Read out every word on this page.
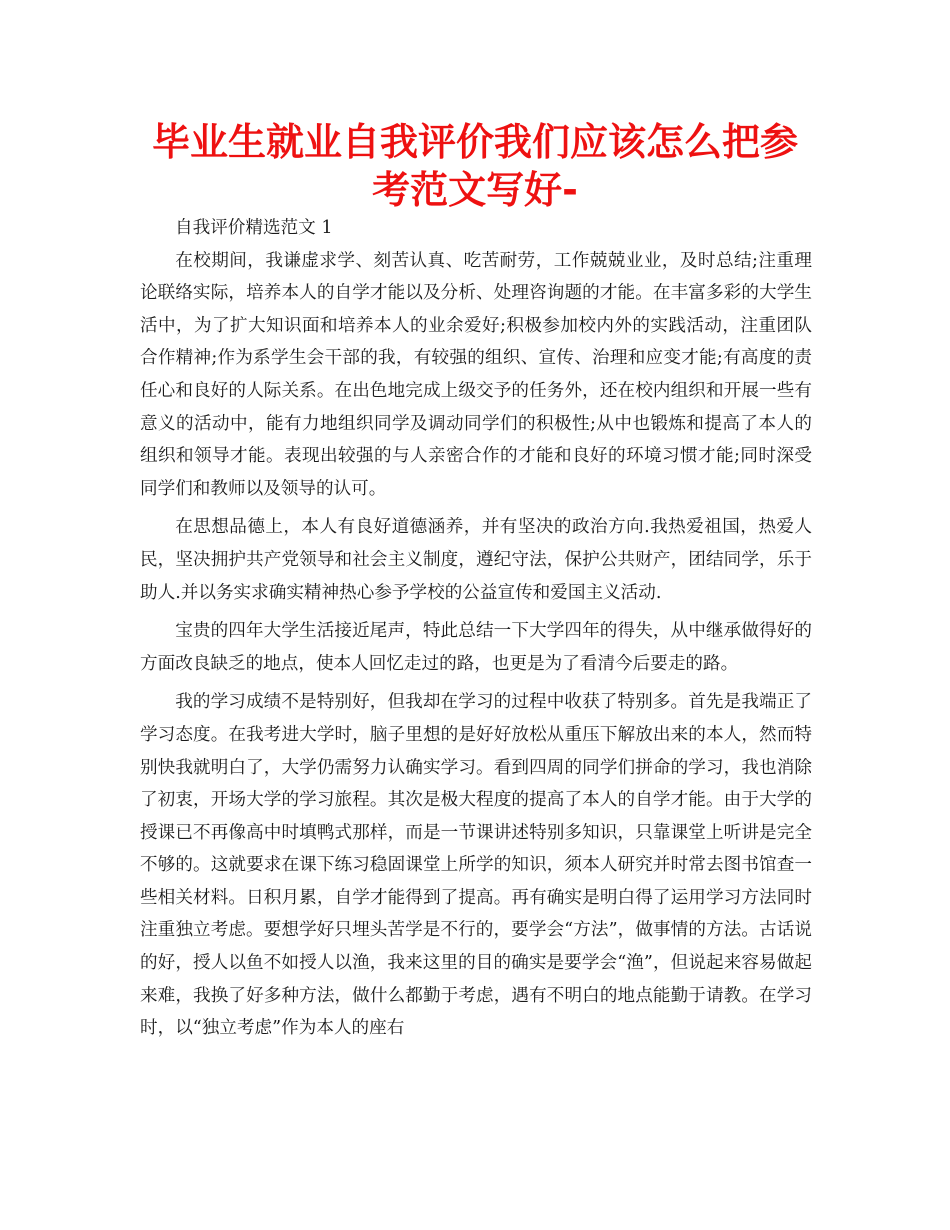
毕业生就业自我评价我们应该怎么把参考范文写好-

自我评价精选范文 1

在校期间，我谦虚求学、刻苦认真、吃苦耐劳，工作兢兢业业，及时总结;注重理论联络实际，培养本人的自学才能以及分析、处理咨询题的才能。在丰富多彩的大学生活中，为了扩大知识面和培养本人的业余爱好;积极参加校内外的实践活动，注重团队合作精神;作为系学生会干部的我，有较强的组织、宣传、治理和应变才能;有高度的责任心和良好的人际关系。在出色地完成上级交予的任务外，还在校内组织和开展一些有意义的活动中，能有力地组织同学及调动同学们的积极性;从中也锻炼和提高了本人的组织和领导才能。表现出较强的与人亲密合作的才能和良好的环境习惯才能;同时深受同学们和教师以及领导的认可。

在思想品德上，本人有良好道德涵养，并有坚决的政治方向.我热爱祖国，热爱人民，坚决拥护共产党领导和社会主义制度，遵纪守法，保护公共财产，团结同学，乐于助人.并以务实求确实精神热心参予学校的公益宣传和爱国主义活动.

宝贵的四年大学生活接近尾声，特此总结一下大学四年的得失，从中继承做得好的方面改良缺乏的地点，使本人回忆走过的路，也更是为了看清今后要走的路。

我的学习成绩不是特别好，但我却在学习的过程中收获了特别多。首先是我端正了学习态度。在我考进大学时，脑子里想的是好好放松从重压下解放出来的本人，然而特别快我就明白了，大学仍需努力认确实学习。看到四周的同学们拼命的学习，我也消除了初衷，开场大学的学习旅程。其次是极大程度的提高了本人的自学才能。由于大学的授课已不再像高中时填鸭式那样，而是一节课讲述特别多知识，只靠课堂上听讲是完全不够的。这就要求在课下练习稳固课堂上所学的知识，须本人研究并时常去图书馆查一些相关材料。日积月累，自学才能得到了提高。再有确实是明白得了运用学习方法同时注重独立考虑。要想学好只埋头苦学是不行的，要学会“方法”，做事情的方法。古话说的好，授人以鱼不如授人以渔，我来这里的目的确实是要学会“渔”，但说起来容易做起来难，我换了好多种方法，做什么都勤于考虑，遇有不明白的地点能勤于请教。在学习时，以“独立考虑”作为本人的座右
